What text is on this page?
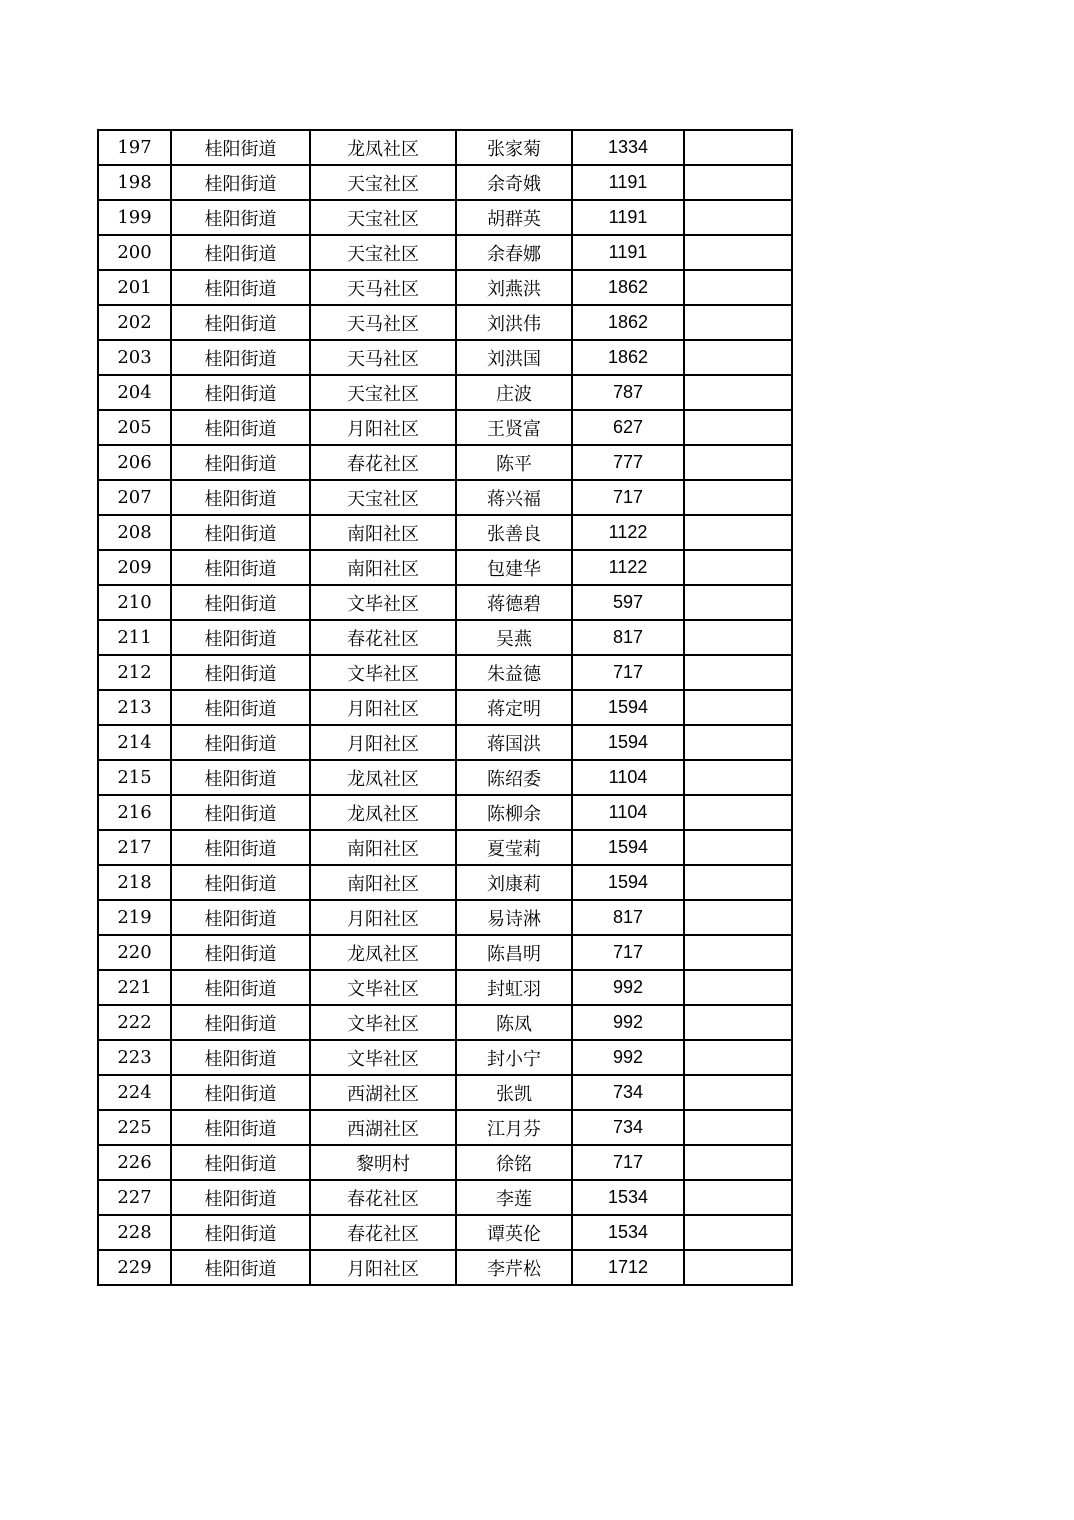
197	桂阳街道	龙凤社区	张家菊	1334	
198	桂阳街道	天宝社区	余奇娥	1191	
199	桂阳街道	天宝社区	胡群英	1191	
200	桂阳街道	天宝社区	余春娜	1191	
201	桂阳街道	天马社区	刘燕洪	1862	
202	桂阳街道	天马社区	刘洪伟	1862	
203	桂阳街道	天马社区	刘洪国	1862	
204	桂阳街道	天宝社区	庄波	787	
205	桂阳街道	月阳社区	王贤富	627	
206	桂阳街道	春花社区	陈平	777	
207	桂阳街道	天宝社区	蒋兴福	717	
208	桂阳街道	南阳社区	张善良	1122	
209	桂阳街道	南阳社区	包建华	1122	
210	桂阳街道	文毕社区	蒋德碧	597	
211	桂阳街道	春花社区	吴燕	817	
212	桂阳街道	文毕社区	朱益德	717	
213	桂阳街道	月阳社区	蒋定明	1594	
214	桂阳街道	月阳社区	蒋国洪	1594	
215	桂阳街道	龙凤社区	陈绍委	1104	
216	桂阳街道	龙凤社区	陈柳余	1104	
217	桂阳街道	南阳社区	夏莹莉	1594	
218	桂阳街道	南阳社区	刘康莉	1594	
219	桂阳街道	月阳社区	易诗淋	817	
220	桂阳街道	龙凤社区	陈昌明	717	
221	桂阳街道	文毕社区	封虹羽	992	
222	桂阳街道	文毕社区	陈凤	992	
223	桂阳街道	文毕社区	封小宁	992	
224	桂阳街道	西湖社区	张凯	734	
225	桂阳街道	西湖社区	江月芬	734	
226	桂阳街道	黎明村	徐铭	717	
227	桂阳街道	春花社区	李莲	1534	
228	桂阳街道	春花社区	谭英伦	1534	
229	桂阳街道	月阳社区	李芹松	1712	
